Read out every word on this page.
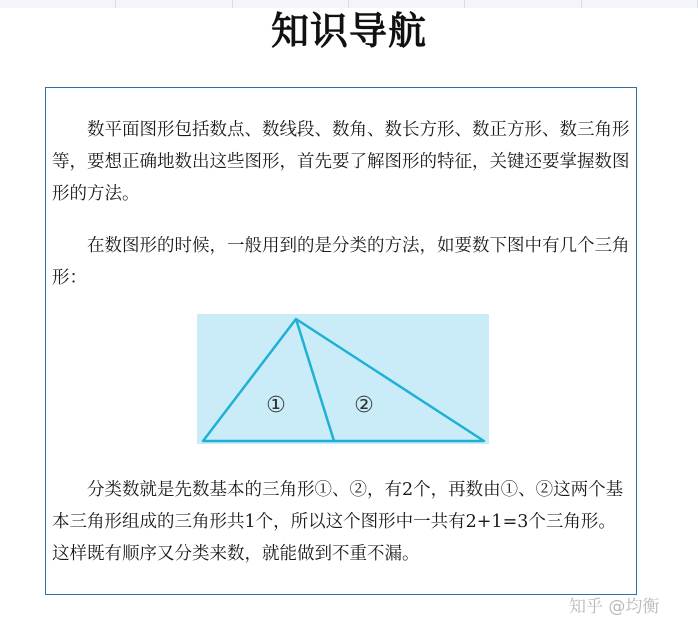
知识导航

数平面图形包括数点、数线段、数角、数长方形、数正方形、数三角形等，要想正确地数出这些图形，首先要了解图形的特征，关键还要掌握数图形的方法。

在数图形的时候，一般用到的是分类的方法，如要数下图中有几个三角形：

①	②

分类数就是先数基本的三角形①、②，有2个，再数由①、②这两个基本三角形组成的三角形共1个，所以这个图形中一共有2+1=3个三角形。这样既有顺序又分类来数，就能做到不重不漏。

知乎 @均衡
